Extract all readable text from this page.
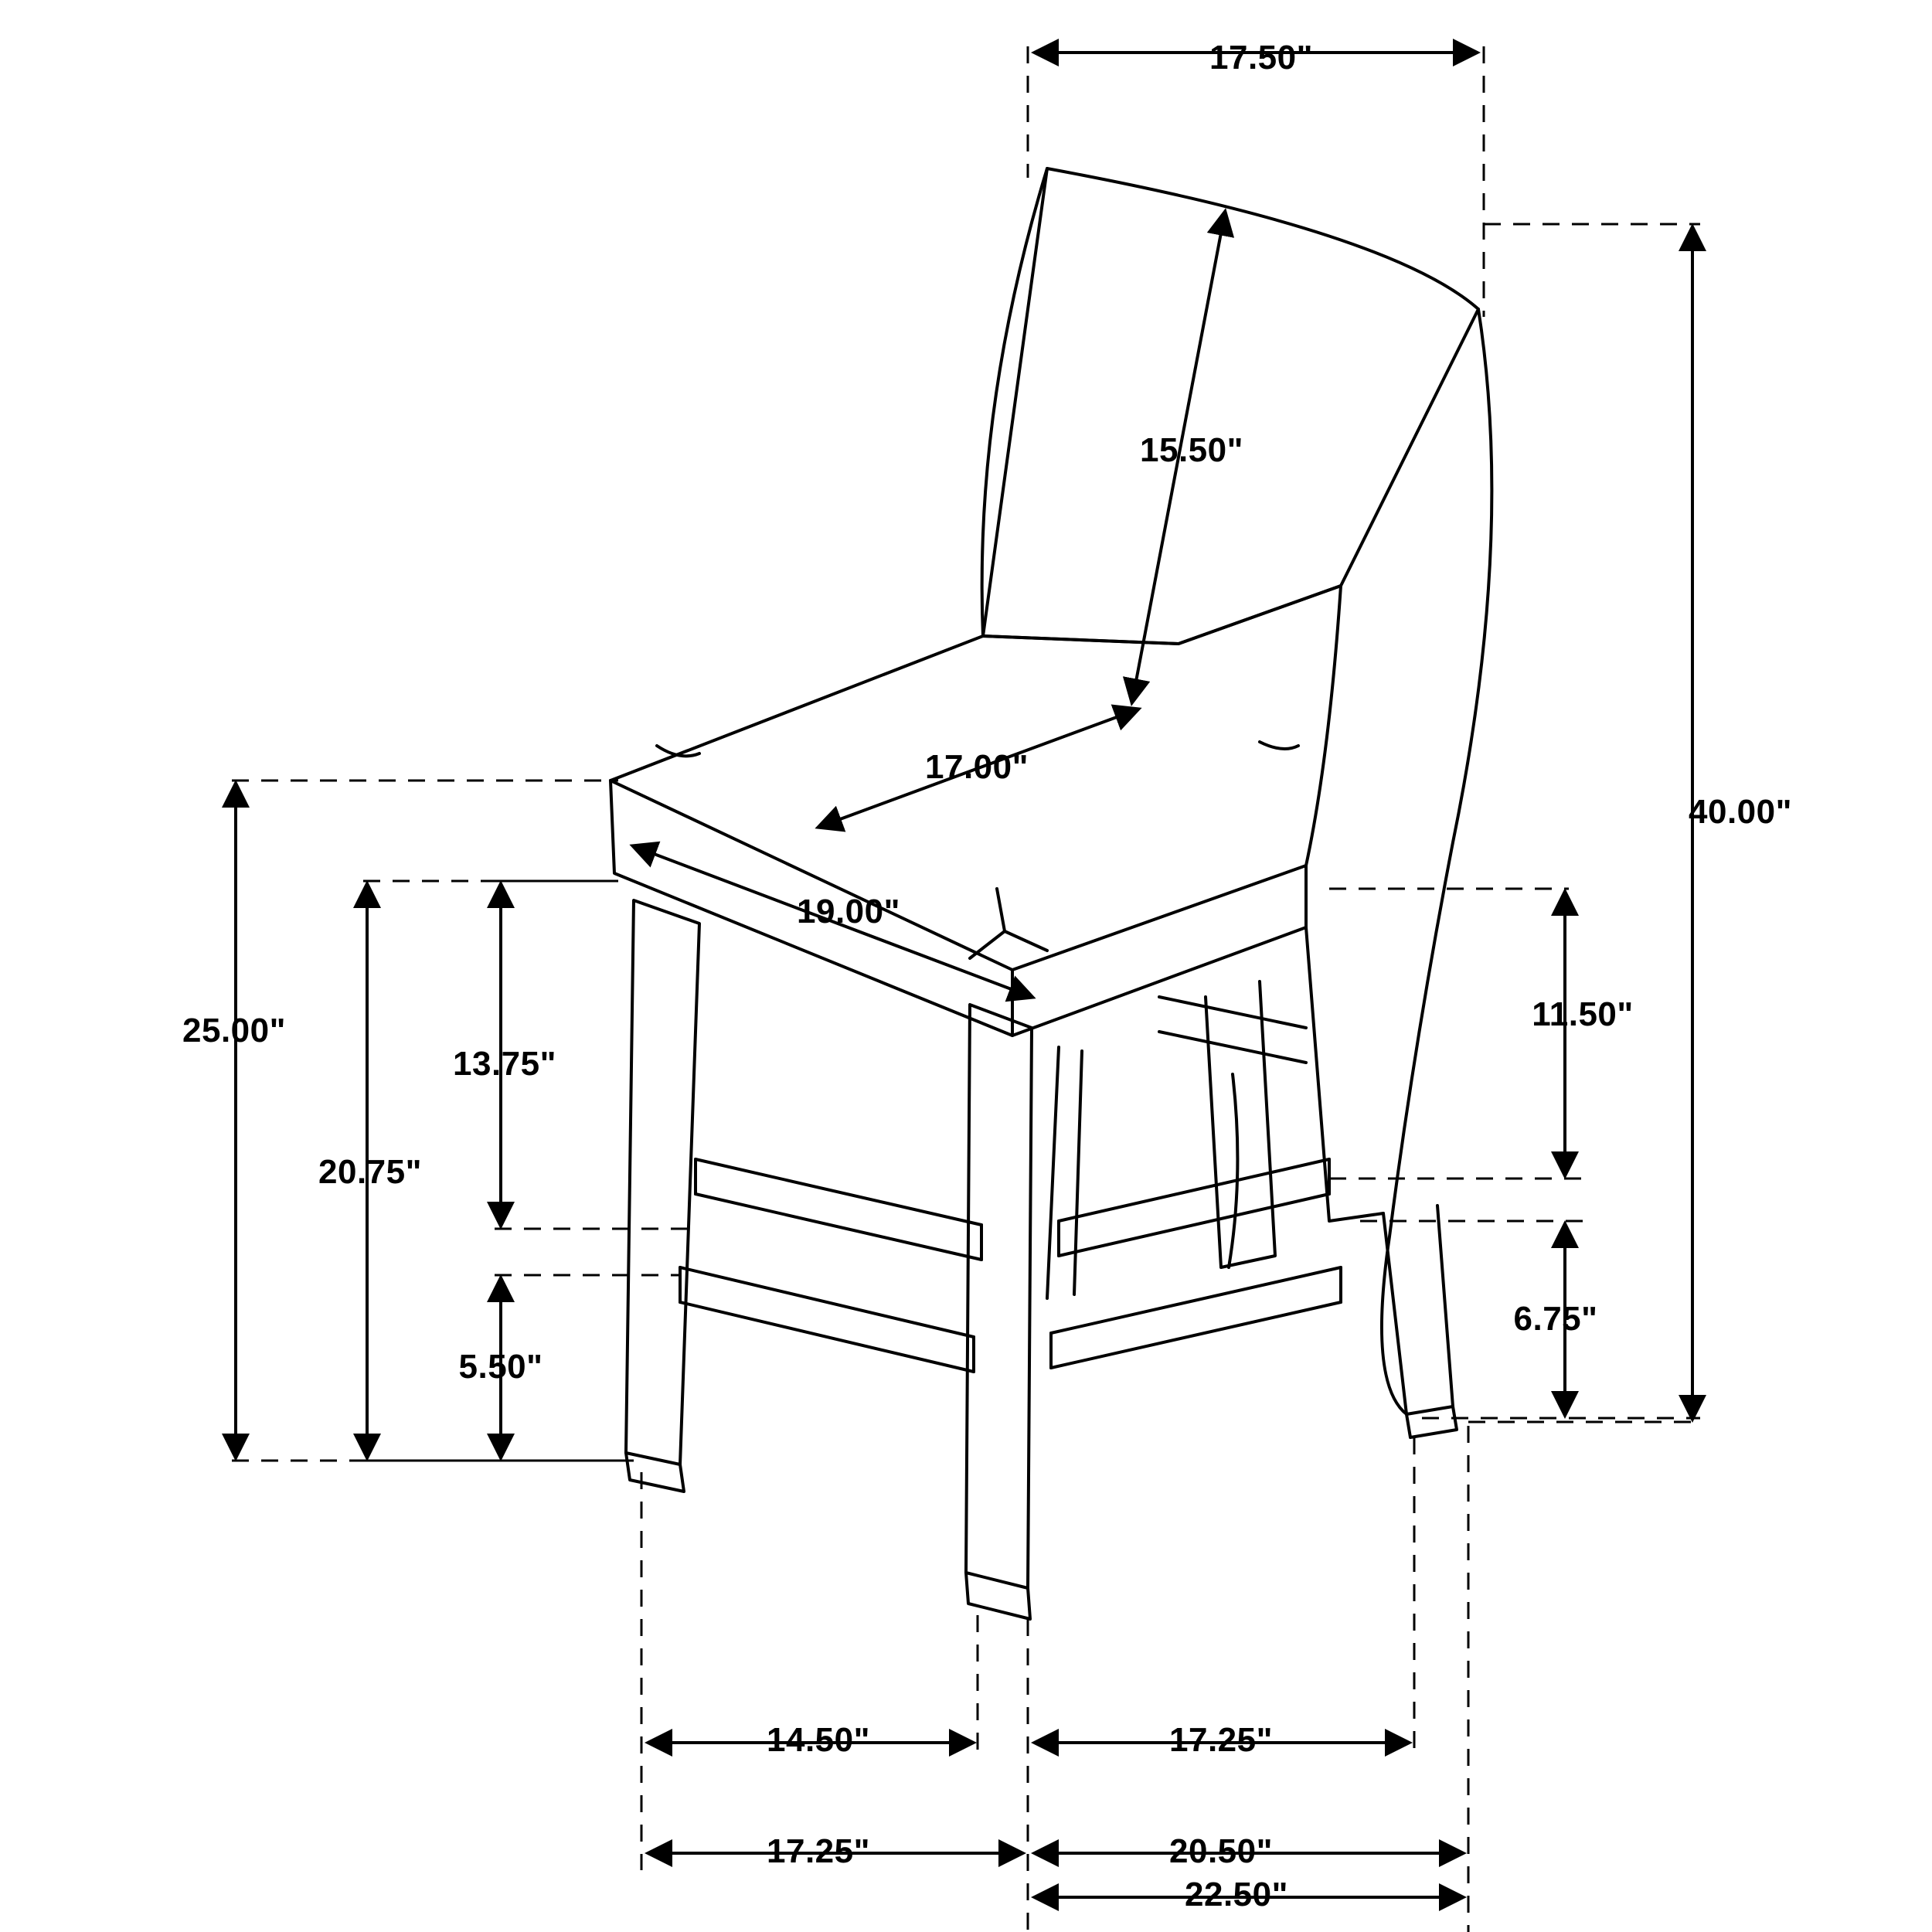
17.50"
15.50"
17.00"
19.00"
40.00"
25.00"
20.75"
13.75"
5.50"
11.50"
6.75"
14.50"	17.25"
17.25"	20.50"
22.50"
